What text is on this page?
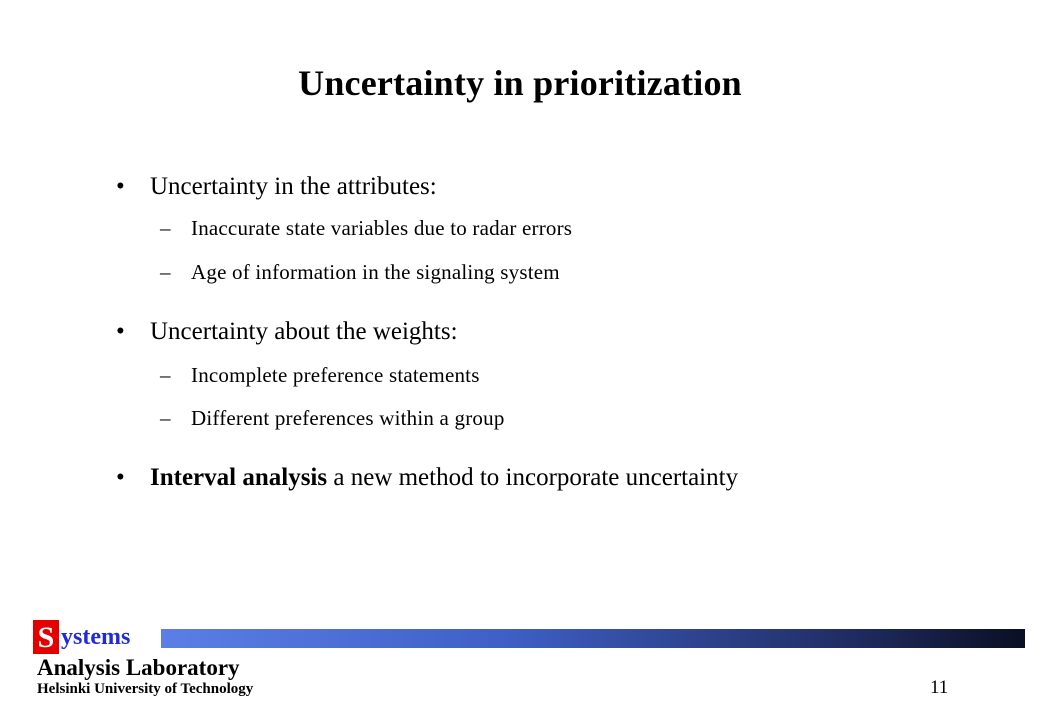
Uncertainty in prioritization
• Uncertainty in the attributes:
– Inaccurate state variables due to radar errors
– Age of information in the signaling system
• Uncertainty about the weights:
– Incomplete preference statements
– Different preferences within a group
• Interval analysis a new method to incorporate uncertainty
S ystems
Analysis Laboratory
Helsinki University of Technology	11
